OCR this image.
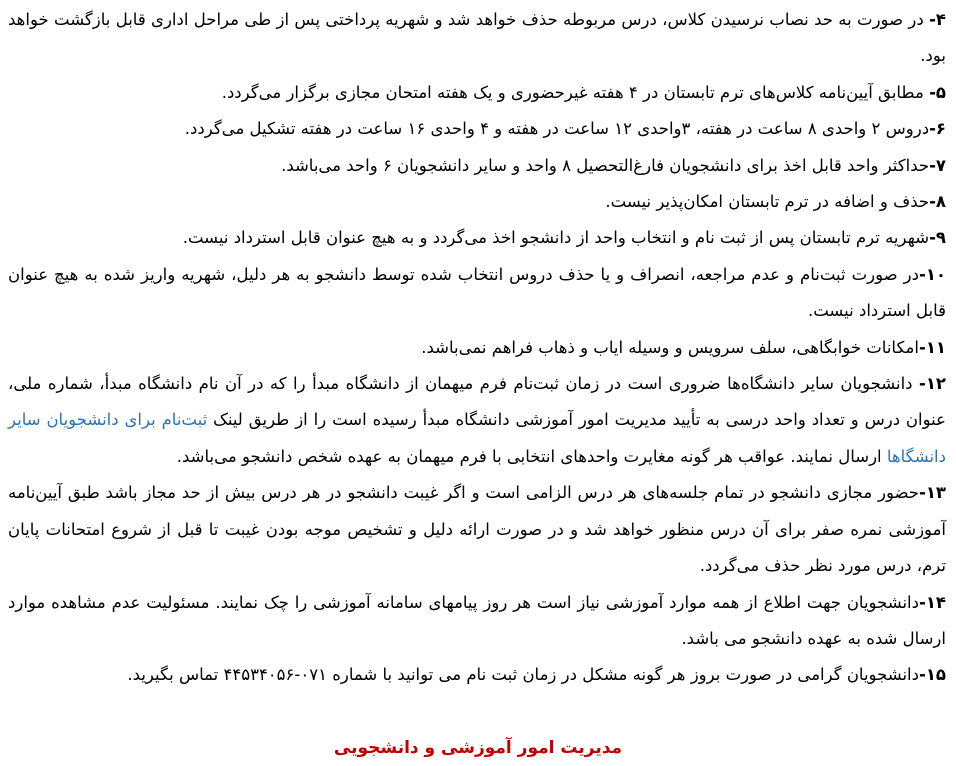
۴- در صورت به حد نصاب نرسیدن کلاس، درس مربوطه حذف خواهد شد و شهریه پرداختی پس از طی مراحل اداری قابل بازگشت خواهد بود.

۵- مطابق آیین‌نامه کلاس‌های ترم تابستان در ۴ هفته غیرحضوری و یک هفته امتحان مجازی برگزار می‌گردد.

۶-دروس ۲ واحدی ۸ ساعت در هفته، ۳واحدی ۱۲ ساعت در هفته و ۴ واحدی ۱۶ ساعت در هفته تشکیل می‌گردد.

۷-حداکثر واحد قابل اخذ برای دانشجویان فارغ‌التحصیل ۸ واحد و سایر دانشجویان ۶ واحد می‌باشد.

۸-حذف و اضافه در ترم تابستان امکان‌پذیر نیست.

۹-شهریه ترم تابستان پس از ثبت نام و انتخاب واحد از دانشجو اخذ می‌گردد و به هیچ عنوان قابل استرداد نیست.

۱۰-در صورت ثبت‌نام و عدم مراجعه، انصراف و یا حذف دروس انتخاب شده توسط دانشجو به هر دلیل، شهریه واریز شده به هیچ عنوان قابل استرداد نیست.

۱۱-امکانات خوابگاهی، سلف سرویس و وسیله ایاب و ذهاب فراهم نمی‌باشد.

۱۲- دانشجویان سایر دانشگاه‌ها ضروری است در زمان ثبت‌نام فرم میهمان از دانشگاه مبدأ را که در آن نام دانشگاه مبدأ، شماره ملی، عنوان درس و تعداد واحد درسی به تأیید مدیریت امور آموزشی دانشگاه مبدأ رسیده است را از طریق لینک ثبت‌نام برای دانشجویان سایر دانشگاها ارسال نمایند. عواقب هر گونه مغایرت واحدهای انتخابی با فرم میهمان به عهده شخص دانشجو می‌باشد.

۱۳-حضور مجازی دانشجو در تمام جلسه‌های هر درس الزامی است و اگر غیبت دانشجو در هر درس بیش از حد مجاز باشد طبق آیین‌نامه آموزشی نمره صفر برای آن درس منظور خواهد شد و در صورت ارائه دلیل و تشخیص موجه بودن غیبت تا قبل از شروع امتحانات پایان ترم، درس مورد نظر حذف می‌گردد.

۱۴-دانشجویان جهت اطلاع از همه موارد آموزشی نیاز است هر روز پیامهای سامانه آموزشی را چک نمایند. مسئولیت عدم مشاهده موارد ارسال شده به عهده دانشجو می باشد.

۱۵-دانشجویان گرامی در صورت بروز هر گونه مشکل در زمان ثبت نام می توانید با شماره ۰۷۱-۴۴۵۳۴۰۵۶ تماس بگیرید.

مدیریت امور آموزشی و دانشجویی
